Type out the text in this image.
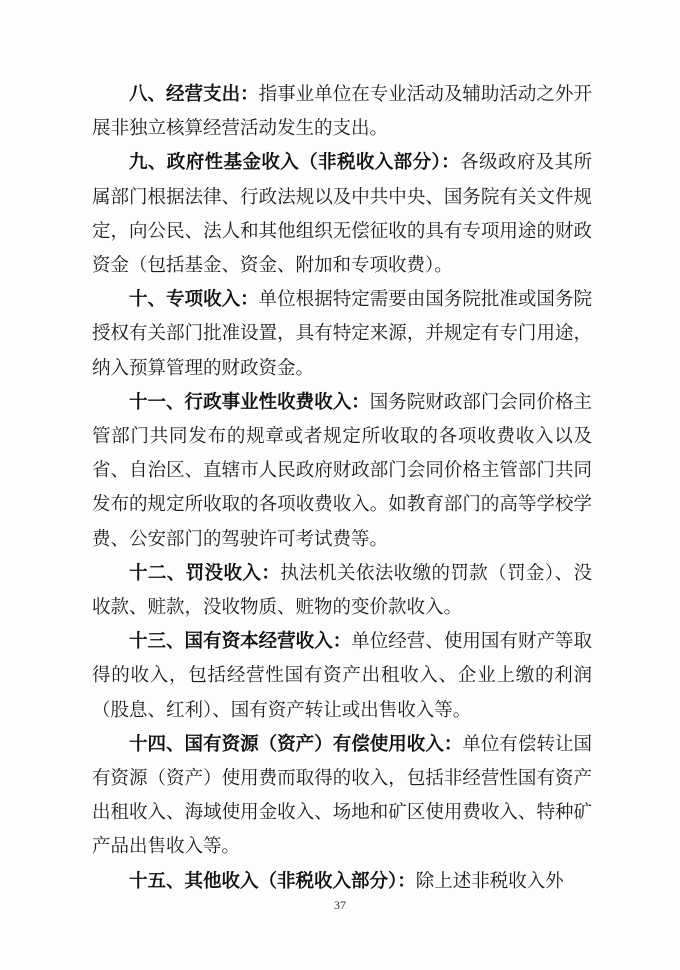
八、经营支出：指事业单位在专业活动及辅助活动之外开展非独立核算经营活动发生的支出。

九、政府性基金收入（非税收入部分）：各级政府及其所属部门根据法律、行政法规以及中共中央、国务院有关文件规定，向公民、法人和其他组织无偿征收的具有专项用途的财政资金（包括基金、资金、附加和专项收费）。

十、专项收入：单位根据特定需要由国务院批准或国务院授权有关部门批准设置，具有特定来源，并规定有专门用途，纳入预算管理的财政资金。

十一、行政事业性收费收入：国务院财政部门会同价格主管部门共同发布的规章或者规定所收取的各项收费收入以及省、自治区、直辖市人民政府财政部门会同价格主管部门共同发布的规定所收取的各项收费收入。如教育部门的高等学校学费、公安部门的驾驶许可考试费等。

十二、罚没收入：执法机关依法收缴的罚款（罚金）、没收款、赃款，没收物质、赃物的变价款收入。

十三、国有资本经营收入：单位经营、使用国有财产等取得的收入，包括经营性国有资产出租收入、企业上缴的利润（股息、红利）、国有资产转让或出售收入等。

十四、国有资源（资产）有偿使用收入：单位有偿转让国有资源（资产）使用费而取得的收入，包括非经营性国有资产出租收入、海域使用金收入、场地和矿区使用费收入、特种矿产品出售收入等。

十五、其他收入（非税收入部分）：除上述非税收入外

37
